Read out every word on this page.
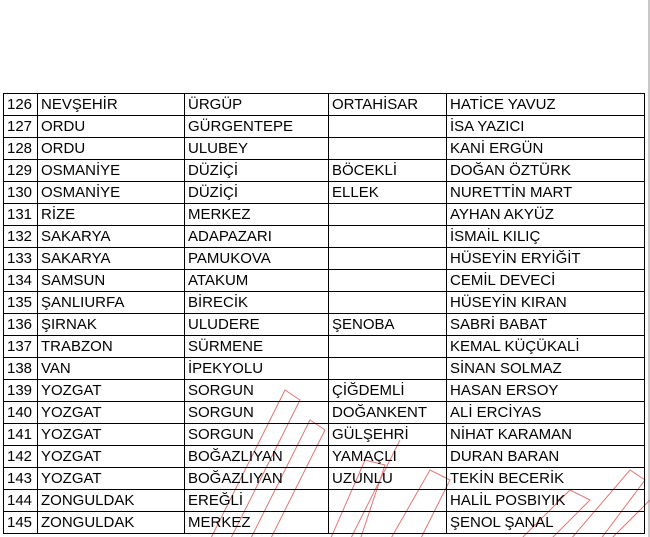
126	NEVŞEHİR	ÜRGÜP	ORTAHİSAR	HATİCE YAVUZ
127	ORDU	GÜRGENTEPE		İSA YAZICI
128	ORDU	ULUBEY		KANİ ERGÜN
129	OSMANİYE	DÜZİÇİ	BÖCEKLİ	DOĞAN ÖZTÜRK
130	OSMANİYE	DÜZİÇİ	ELLEK	NURETTİN MART
131	RİZE	MERKEZ		AYHAN AKYÜZ
132	SAKARYA	ADAPAZARI		İSMAİL KILIÇ
133	SAKARYA	PAMUKOVA		HÜSEYİN ERYİĞİT
134	SAMSUN	ATAKUM		CEMİL DEVECİ
135	ŞANLIURFA	BİRECİK		HÜSEYİN KIRAN
136	ŞIRNAK	ULUDERE	ŞENOBA	SABRİ BABAT
137	TRABZON	SÜRMENE		KEMAL KÜÇÜKALİ
138	VAN	İPEKYOLU		SİNAN SOLMAZ
139	YOZGAT	SORGUN	ÇİĞDEMLİ	HASAN ERSOY
140	YOZGAT	SORGUN	DOĞANKENT	ALİ ERCİYAS
141	YOZGAT	SORGUN	GÜLŞEHRİ	NİHAT KARAMAN
142	YOZGAT	BOĞAZLIYAN	YAMAÇLI	DURAN BARAN
143	YOZGAT	BOĞAZLIYAN	UZUNLU	TEKİN BECERİK
144	ZONGULDAK	EREĞLİ		HALİL POSBIYIK
145	ZONGULDAK	MERKEZ		ŞENOL ŞANAL
